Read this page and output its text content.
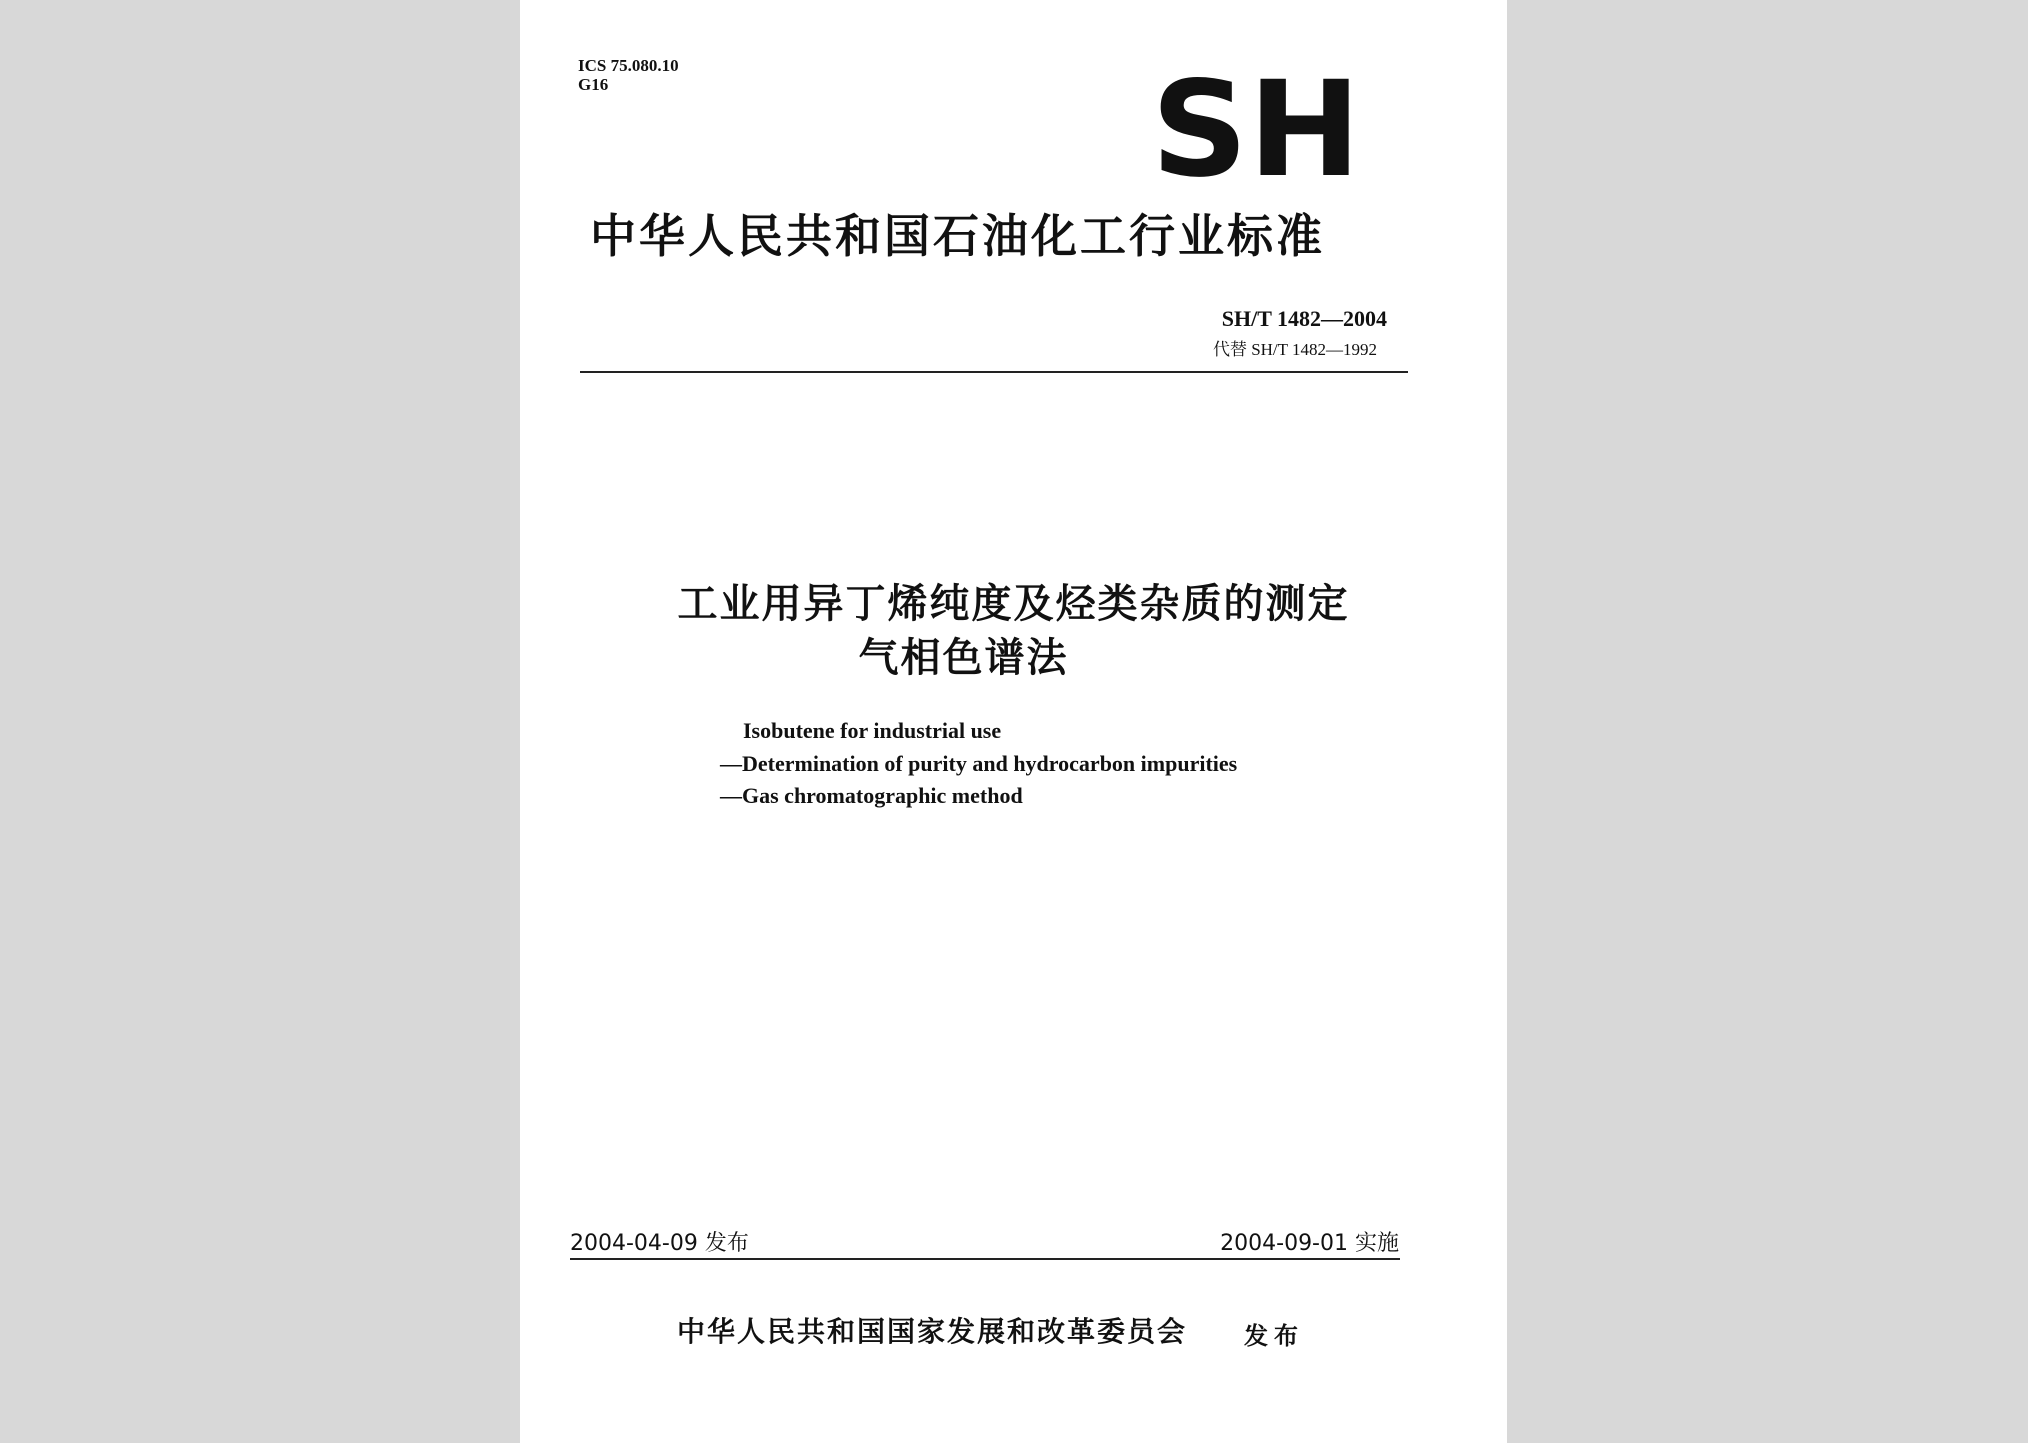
ICS 75.080.10
G16	SH
中华人民共和国石油化工行业标准
SH/T 1482—2004
代替 SH/T 1482—1992
工业用异丁烯纯度及烃类杂质的测定
气相色谱法
Isobutene for industrial use
—Determination of purity and hydrocarbon impurities
—Gas chromatographic method
2004-04-09 发布	2004-09-01 实施
中华人民共和国国家发展和改革委员会 发布
